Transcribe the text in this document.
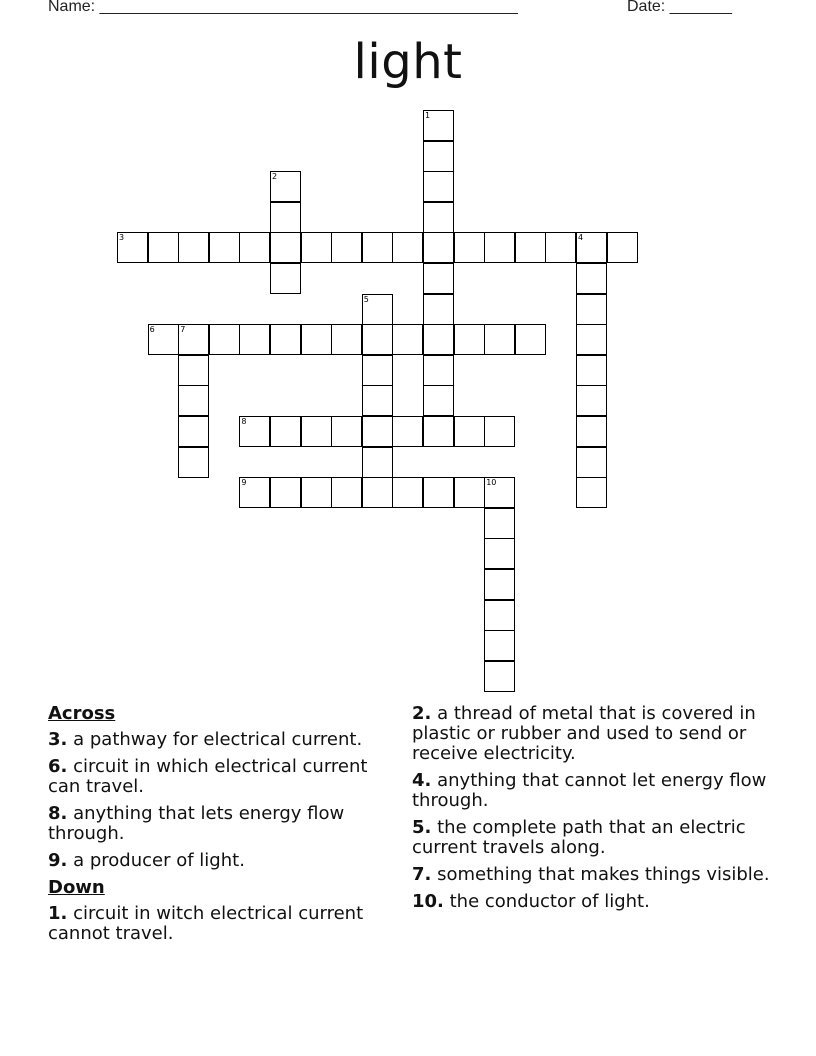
Name: _______________________________________________	Date: _______
light
1
2
3	4
5
6	7
8
9	10
Across
3. a pathway for electrical current.
6. circuit in which electrical current can travel.
8. anything that lets energy flow through.
9. a producer of light.
Down
1. circuit in witch electrical current cannot travel.
2. a thread of metal that is covered in plastic or rubber and used to send or receive electricity.
4. anything that cannot let energy flow through.
5. the complete path that an electric current travels along.
7. something that makes things visible.
10. the conductor of light.
